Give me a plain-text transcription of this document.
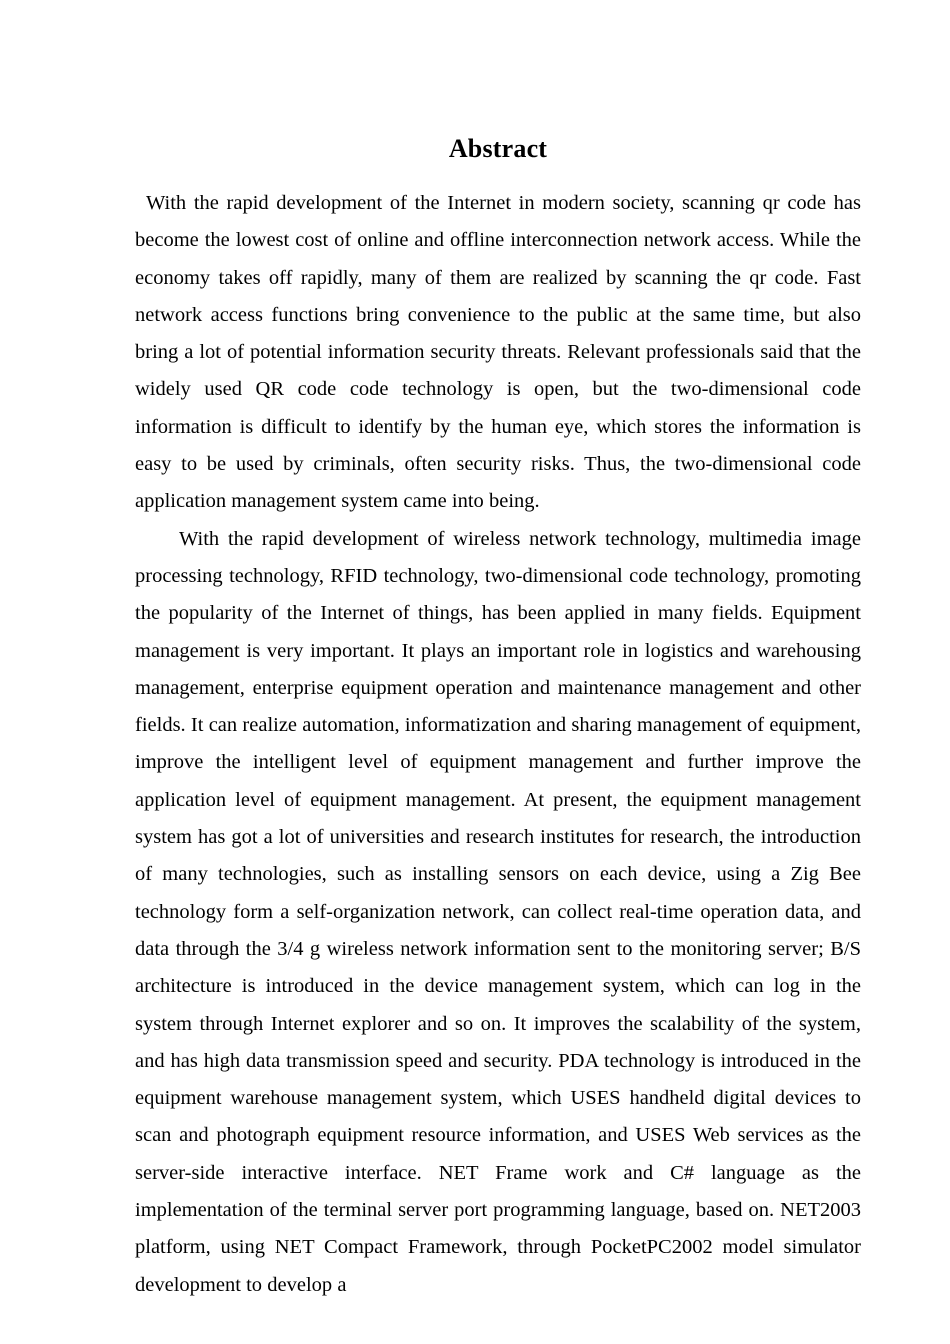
Abstract

With the rapid development of the Internet in modern society, scanning qr code has become the lowest cost of online and offline interconnection network access. While the economy takes off rapidly, many of them are realized by scanning the qr code. Fast network access functions bring convenience to the public at the same time, but also bring a lot of potential information security threats. Relevant professionals said that the widely used QR code code technology is open, but the two-dimensional code information is difficult to identify by the human eye, which stores the information is easy to be used by criminals, often security risks. Thus, the two-dimensional code application management system came into being.

With the rapid development of wireless network technology, multimedia image processing technology, RFID technology, two-dimensional code technology, promoting the popularity of the Internet of things, has been applied in many fields. Equipment management is very important. It plays an important role in logistics and warehousing management, enterprise equipment operation and maintenance management and other fields. It can realize automation, informatization and sharing management of equipment, improve the intelligent level of equipment management and further improve the application level of equipment management. At present, the equipment management system has got a lot of universities and research institutes for research, the introduction of many technologies, such as installing sensors on each device, using a Zig Bee technology form a self-organization network, can collect real-time operation data, and data through the 3/4 g wireless network information sent to the monitoring server; B/S architecture is introduced in the device management system, which can log in the system through Internet explorer and so on. It improves the scalability of the system, and has high data transmission speed and security. PDA technology is introduced in the equipment warehouse management system, which USES handheld digital devices to scan and photograph equipment resource information, and USES Web services as the server-side interactive interface. NET Frame work and C# language as the implementation of the terminal server port programming language, based on. NET2003 platform, using NET Compact Framework, through PocketPC2002 model simulator development to develop a
